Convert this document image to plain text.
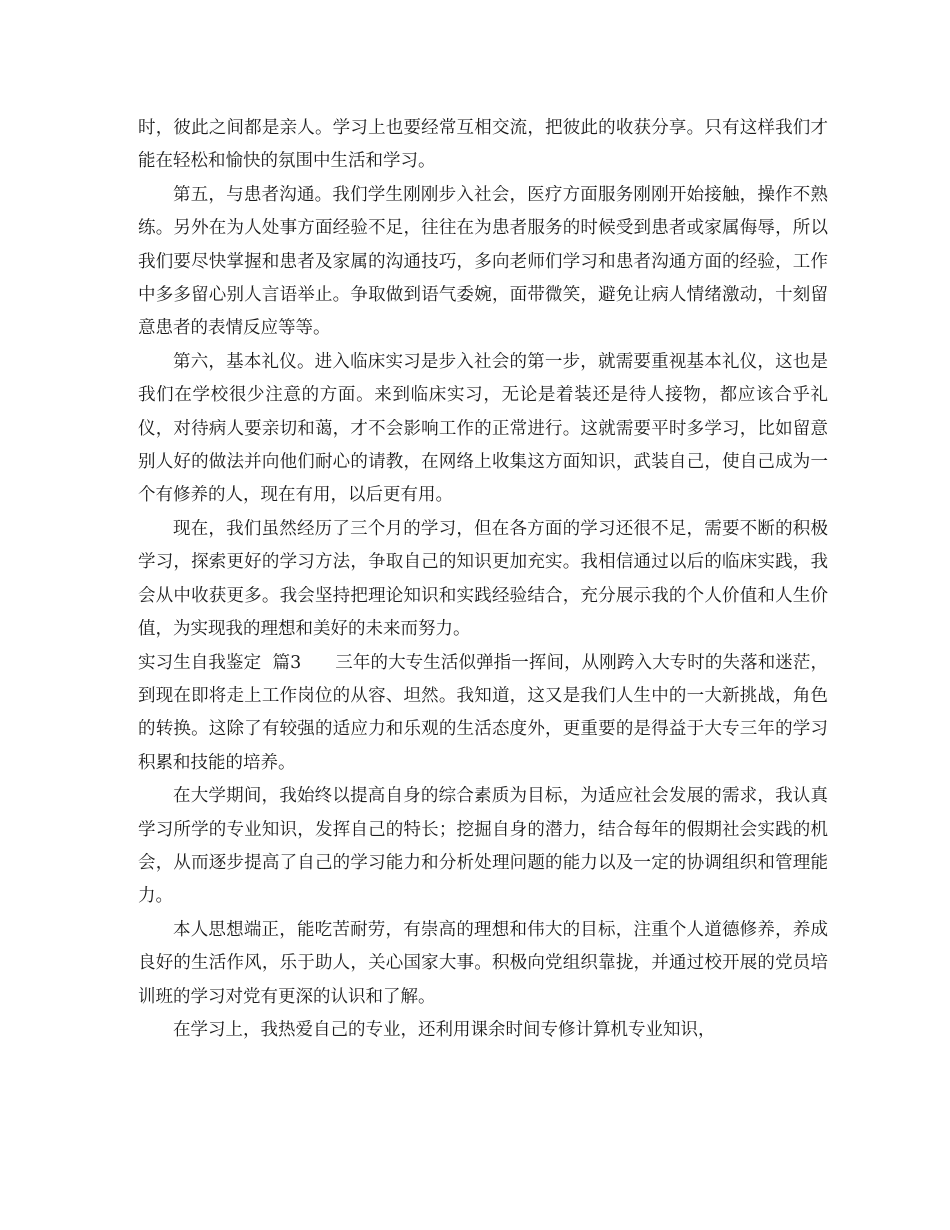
时，彼此之间都是亲人。学习上也要经常互相交流，把彼此的收获分享。只有这样我们才能在轻松和愉快的氛围中生活和学习。

第五，与患者沟通。我们学生刚刚步入社会，医疗方面服务刚刚开始接触，操作不熟练。另外在为人处事方面经验不足，往往在为患者服务的时候受到患者或家属侮辱，所以我们要尽快掌握和患者及家属的沟通技巧，多向老师们学习和患者沟通方面的经验，工作中多多留心别人言语举止。争取做到语气委婉，面带微笑，避免让病人情绪激动，十刻留意患者的表情反应等等。

第六，基本礼仪。进入临床实习是步入社会的第一步，就需要重视基本礼仪，这也是我们在学校很少注意的方面。来到临床实习，无论是着装还是待人接物，都应该合乎礼仪，对待病人要亲切和蔼，才不会影响工作的正常进行。这就需要平时多学习，比如留意别人好的做法并向他们耐心的请教，在网络上收集这方面知识，武装自己，使自己成为一个有修养的人，现在有用，以后更有用。

现在，我们虽然经历了三个月的学习，但在各方面的学习还很不足，需要不断的积极学习，探索更好的学习方法，争取自己的知识更加充实。我相信通过以后的临床实践，我会从中收获更多。我会坚持把理论知识和实践经验结合，充分展示我的个人价值和人生价值，为实现我的理想和美好的未来而努力。

实习生自我鉴定  篇3 三年的大专生活似弹指一挥间，从刚跨入大专时的失落和迷茫，到现在即将走上工作岗位的从容、坦然。我知道，这又是我们人生中的一大新挑战，角色的转换。这除了有较强的适应力和乐观的生活态度外，更重要的是得益于大专三年的学习积累和技能的培养。

在大学期间，我始终以提高自身的综合素质为目标，为适应社会发展的需求，我认真学习所学的专业知识，发挥自己的特长；挖掘自身的潜力，结合每年的假期社会实践的机会，从而逐步提高了自己的学习能力和分析处理问题的能力以及一定的协调组织和管理能力。

本人思想端正，能吃苦耐劳，有崇高的理想和伟大的目标，注重个人道德修养，养成良好的生活作风，乐于助人，关心国家大事。积极向党组织靠拢，并通过校开展的党员培训班的学习对党有更深的认识和了解。

在学习上，我热爱自己的专业，还利用课余时间专修计算机专业知识，
